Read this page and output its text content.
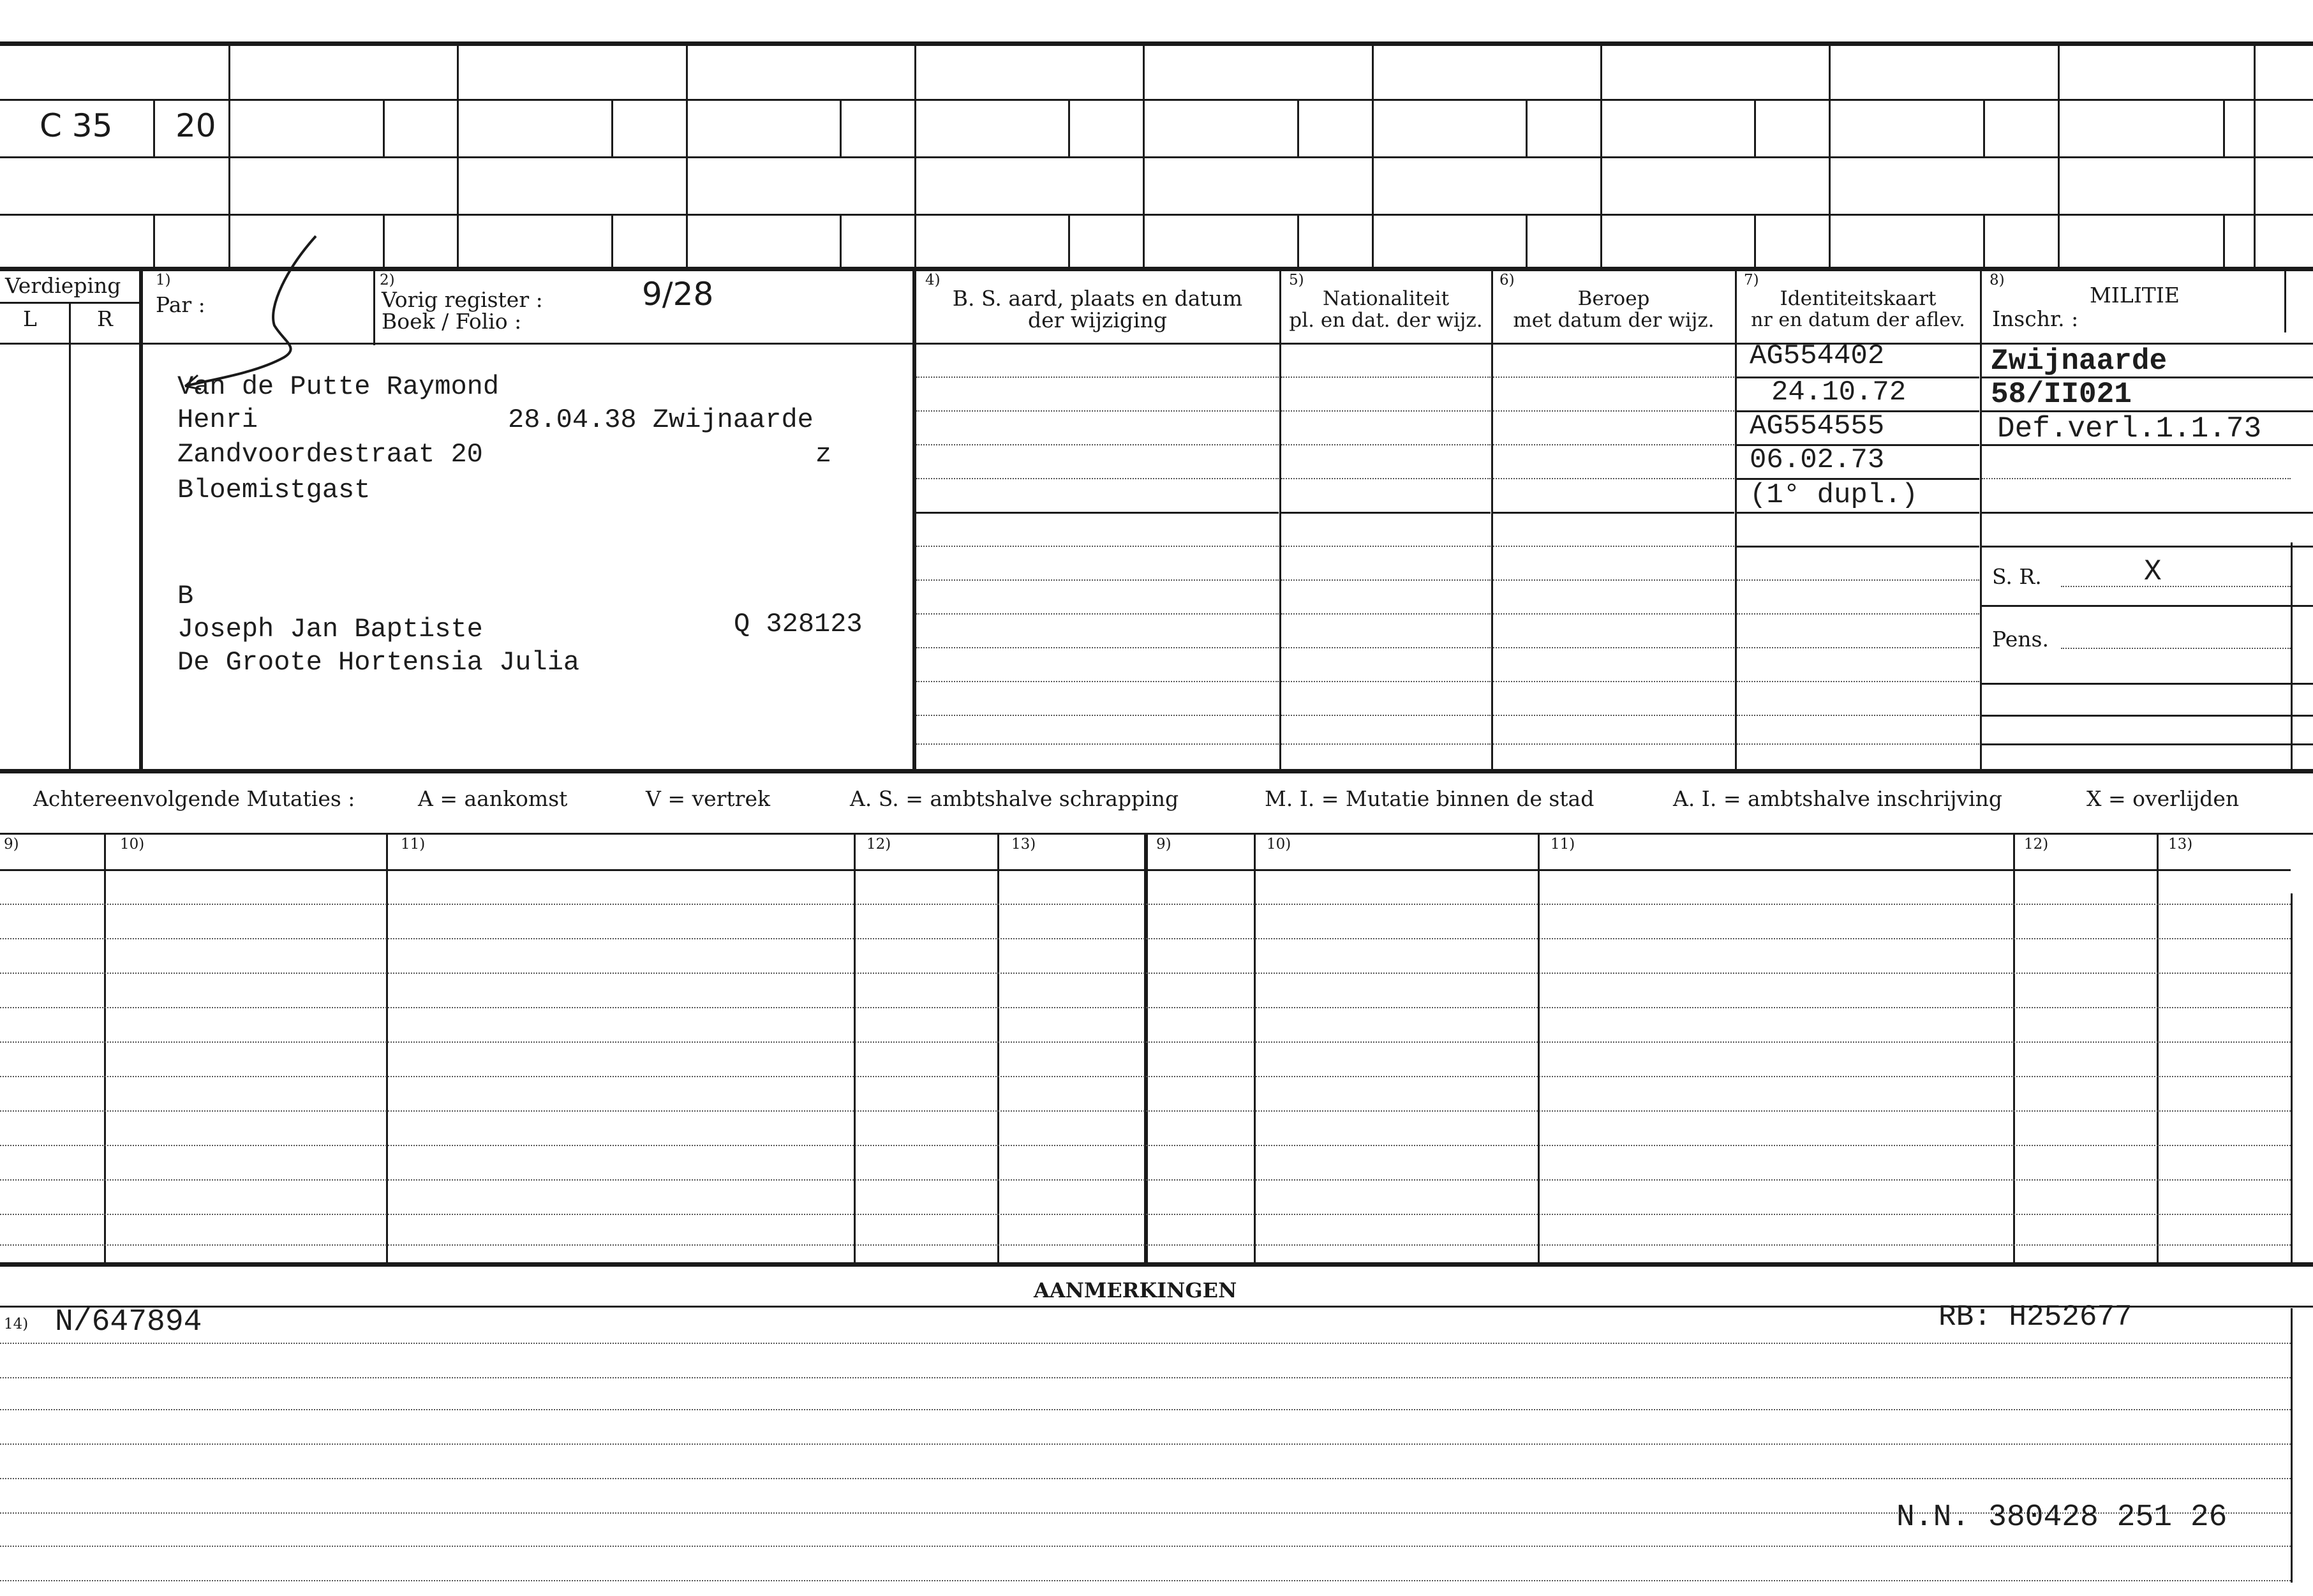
C 35 20
Verdieping
L	R
1)
Par :
2)
Vorig register :	9/28
Boek / Folio :
4)
B. S. aard, plaats en datum
der wijziging
5)
Nationaliteit
pl. en dat. der wijz.
6)
Beroep
met datum der wijz.
7)
Identiteitskaart
nr en datum der aflev.
8)
MILITIE
Inschr. :
Van de Putte Raymond
Henri	28.04.38 Zwijnaarde
Zandvoordestraat 20	z
Bloemistgast
B
Joseph Jan Baptiste	Q 328123
De Groote Hortensia Julia
AG554402
24.10.72
AG554555
06.02.73
(1° dupl.)
Zwijnaarde
58/II021
Def.verl.1.1.73
S. R.	X
Pens.
Achtereenvolgende Mutaties :	A = aankomst	V = vertrek	A. S. = ambtshalve schrapping	M. I. = Mutatie binnen de stad	A. I. = ambtshalve inschrijving	X = overlijden
9)	10)	11)	12)	13)	9)	10)	11)	12)	13)
AANMERKINGEN
14) N/647894	RB: H252677
N.N. 380428 251 26
